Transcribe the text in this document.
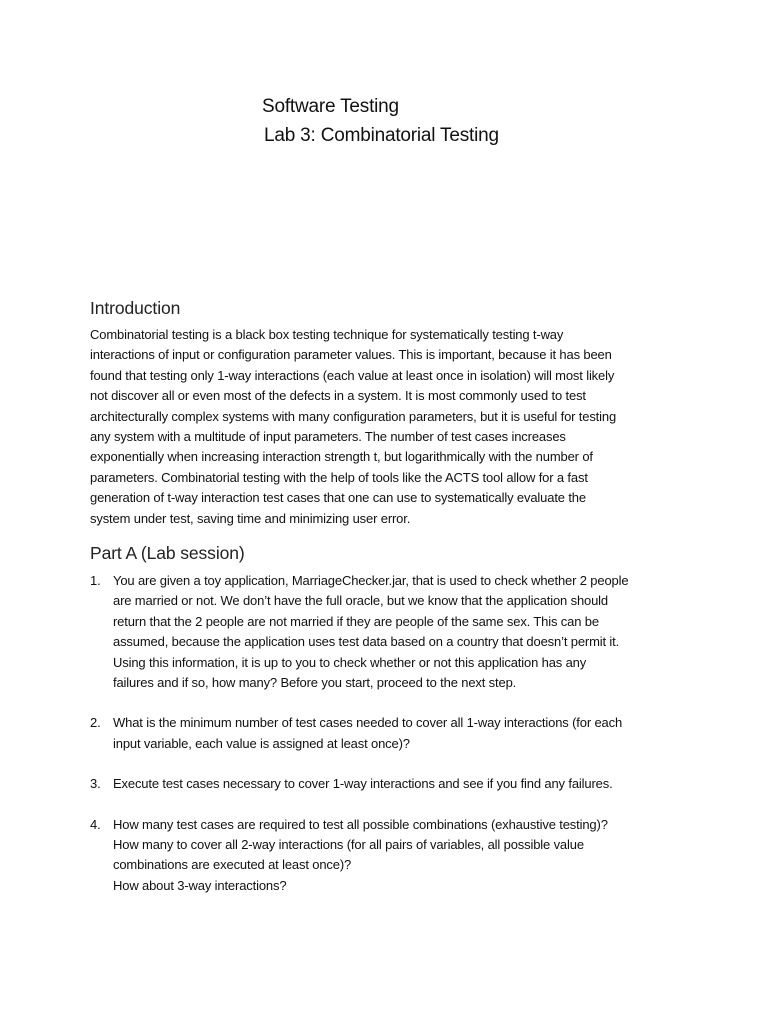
Software Testing
Lab 3: Combinatorial Testing
Introduction

Combinatorial testing is a black box testing technique for systematically testing t-way
interactions of input or configuration parameter values. This is important, because it has been
found that testing only 1-way interactions (each value at least once in isolation) will most likely
not discover all or even most of the defects in a system. It is most commonly used to test
architecturally complex systems with many configuration parameters, but it is useful for testing
any system with a multitude of input parameters. The number of test cases increases
exponentially when increasing interaction strength t, but logarithmically with the number of
parameters. Combinatorial testing with the help of tools like the ACTS tool allow for a fast
generation of t-way interaction test cases that one can use to systematically evaluate the
system under test, saving time and minimizing user error.

Part A (Lab session)
1. You are given a toy application, MarriageChecker.jar, that is used to check whether 2 people
are married or not. We don’t have the full oracle, but we know that the application should
return that the 2 people are not married if they are people of the same sex. This can be
assumed, because the application uses test data based on a country that doesn’t permit it.
Using this information, it is up to you to check whether or not this application has any
failures and if so, how many? Before you start, proceed to the next step.
2. What is the minimum number of test cases needed to cover all 1-way interactions (for each
input variable, each value is assigned at least once)?
3. Execute test cases necessary to cover 1-way interactions and see if you find any failures.
4. How many test cases are required to test all possible combinations (exhaustive testing)?
How many to cover all 2-way interactions (for all pairs of variables, all possible value
combinations are executed at least once)?
How about 3-way interactions?
